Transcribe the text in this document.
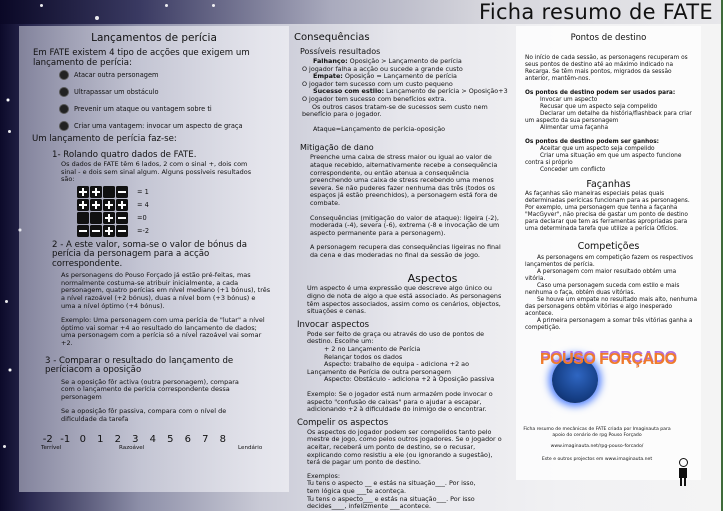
Ficha resumo de FATE
Lançamentos de perícia

Em FATE existem 4 tipo de acções que exigem um lançamento de perícia:

Atacar outra personagem
Ultrapassar um obstáculo
Prevenir um ataque ou vantagem sobre ti
Criar uma vantagem: invocar um aspecto de graça

Um lançamento de perícia faz-se:

1- Rolando quatro dados de FATE.

Os dados de FATE têm 6 lados, 2 com o sinal +, dois com sinal - e dois sem sinal algum. Alguns possíveis resultados são:

= 1
= 4
=0
=-2

2 - A este valor, soma-se o valor de bónus da perícia da personagem para a acção correspondente.

As personagens do Pouso Forçado já estão pré-feitas, mas normalmente costuma-se atribuir inicialmente, a cada personagem, quatro perícias em nível mediano (+1 bónus), três a nível razoável (+2 bónus), duas a nível bom (+3 bónus) e uma a nível óptimo (+4 bónus).

Exemplo: Uma personagem com uma perícia de "lutar" a nível óptimo vai somar +4 ao resultado do lançamento de dados; uma personagem com a perícia só a nível razoável vai somar +2.

3 - Comparar o resultado do lançamento de períciacom a oposição

Se a oposição fôr activa (outra personagem), compara com o lançamento de perícia correspondente dessa personagem

Se a oposição fôr passiva, compara com o nível de dificuldade da tarefa

-2 -1 0	1	2	3	4	5	6	7	8
Terrível	Razoável	Lendário
Consequências
Possíveis resultados

Falhanço: Oposição > Lançamento de perícia

O jogador falha a acção ou sucede a grande custo

Empate: Oposição = Lançamento de perícia

O jogador tem sucesso com um custo pequeno

Sucesso com estilo: Lançamento de perícia > Oposição+3

O jogador tem sucesso com benefícios extra.

Os outros casos tratam-se de sucessos sem custo nem benefício para o jogador.

Ataque=Lançamento de perícia-oposição

Mitigação de dano

Preenche uma caixa de stress maior ou igual ao valor de ataque recebido, alternativamente recebe a consequência correspondente, ou então atenua a consequência preenchendo uma caixa de stress recebendo uma menos severa. Se não puderes fazer nenhuma das três (todos os espaços já estão preenchidos), a personagem está fora de combate.

Consequências (mitigação do valor de ataque): ligeira (-2), moderada (-4), severa (-6), extrema (-8 e invocação de um aspecto permanente para a personagem).

A personagem recupera das consequências ligeiras no final da cena e das moderadas no final da sessão de jogo.

Aspectos

Um aspecto é uma expressão que descreve algo único ou digno de nota de algo a que está associado. As personagens têm aspectos associados, assim como os cenários, objectos, situações e cenas.

Invocar aspectos

Pode ser feito de graça ou através do uso de pontos de destino. Escolhe um:

+ 2 no Lançamento de Perícia

Relançar todos os dados

Aspecto: trabalho de equipa - adiciona +2 ao Lançamento de Perícia de outra personagem

Aspecto: Obstáculo - adiciona +2 à Oposição passiva

Exemplo: Se o jogador está num armazém pode invocar o aspecto "confusão de caixas" para o ajudar a escapar, adicionando +2 à dificuldade do inimigo de o encontrar.

Compelir os aspectos

Os aspectos do jogador podem ser compelidos tanto pelo mestre de jogo, como pelos outros jogadores. Se o jogador o aceitar, receberá um ponto de destino, se o recusar, explicando como resistiu a ele (ou ignorando a sugestão), terá de pagar um ponto de destino.

Exemplos:

Tu tens o aspecto __ e estás na situação___. Por isso, tem lógica que ___te aconteça.

Tu tens o aspecto___ e estás na situação___. Por isso decides____, infelizmente ___acontece.

Pontos de destino

No início de cada sessão, as personagens recuperam os seus pontos de destino até ao máximo indicado na Recarga. Se têm mais pontos, migrados da sessão anterior, mantêm-nos.

Os pontos de destino podem ser usados para:

Invocar um aspecto

Recusar que um aspecto seja compelido

Declarar um detalhe da história/flashback para criar um aspecto da sua personagem

Alimentar uma façanha

Os pontos de destino podem ser ganhos:

Aceitar que um aspecto seja compelido

Criar uma situação em que um aspecto funcione contra si próprio

Conceder um conflicto

Façanhas

As façanhas são maneiras especiais pelas quais determinadas perícicas funcionam para as personagens. Por exemplo, uma personagem que tenha a façanha "MacGyver", não precisa de gastar um ponto de destino para declarar que tem as ferramentas apropriadas para uma determinada tarefa que utilize a perícia Ofícios.

Competições

As personagens em competição fazem os respectivos lançamentos de perícia.

A personagem com maior resultado obtém uma vitória.

Caso uma personagem suceda com estilo e mais nenhuma o faça, obtém duas vitórias.

Se houve um empate no resultado mais alto, nenhuma das personagens obtém vitórias e algo inesperado acontece.

A primeira personagem a somar três vitórias ganha a competição.

POUSO FORÇADO

Ficha resumo de mecânicas de FATE criada por Imaginauta para apoio do cenário de rpg Pouso Forçado

www.imaginauta.net/rpg-pouso-forcado/

Este e outros projectos em www.imaginauta.net
